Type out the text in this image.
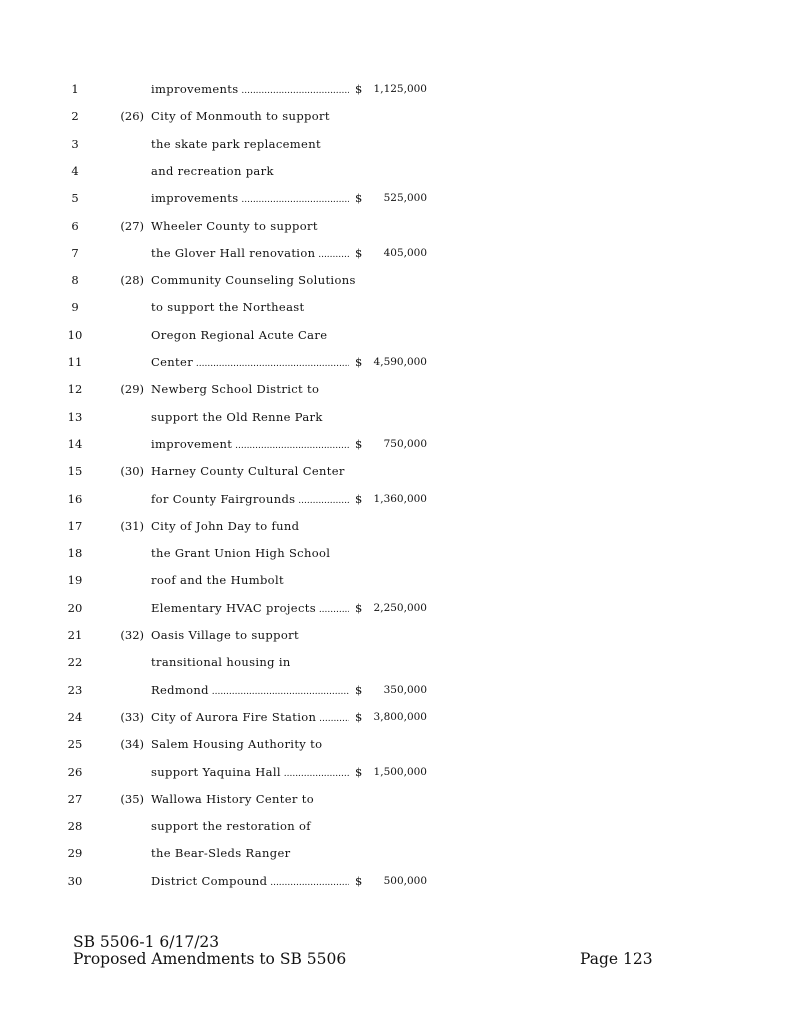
1	improvements .....	$	1,125,000
2	(26) City of Monmouth to support
3	the skate park replacement
4	and recreation park
5	improvements .....	$	525,000
6	(27) Wheeler County to support
7	the Glover Hall renovation .....	$	405,000
8	(28) Community Counseling Solutions
9	to support the Northeast
10	Oregon Regional Acute Care
11	Center .....	$	4,590,000
12	(29) Newberg School District to
13	support the Old Renne Park
14	improvement .....	$	750,000
15	(30) Harney County Cultural Center
16	for County Fairgrounds .....	$	1,360,000
17	(31) City of John Day to fund
18	the Grant Union High School
19	roof and the Humbolt
20	Elementary HVAC projects .....	$	2,250,000
21	(32) Oasis Village to support
22	transitional housing in
23	Redmond .....	$	350,000
24	(33) City of Aurora Fire Station .....	$	3,800,000
25	(34) Salem Housing Authority to
26	support Yaquina Hall .....	$	1,500,000
27	(35) Wallowa History Center to
28	support the restoration of
29	the Bear-Sleds Ranger
30	District Compound .....	$	500,000
SB 5506-1 6/17/23
Proposed Amendments to SB 5506	Page 123
